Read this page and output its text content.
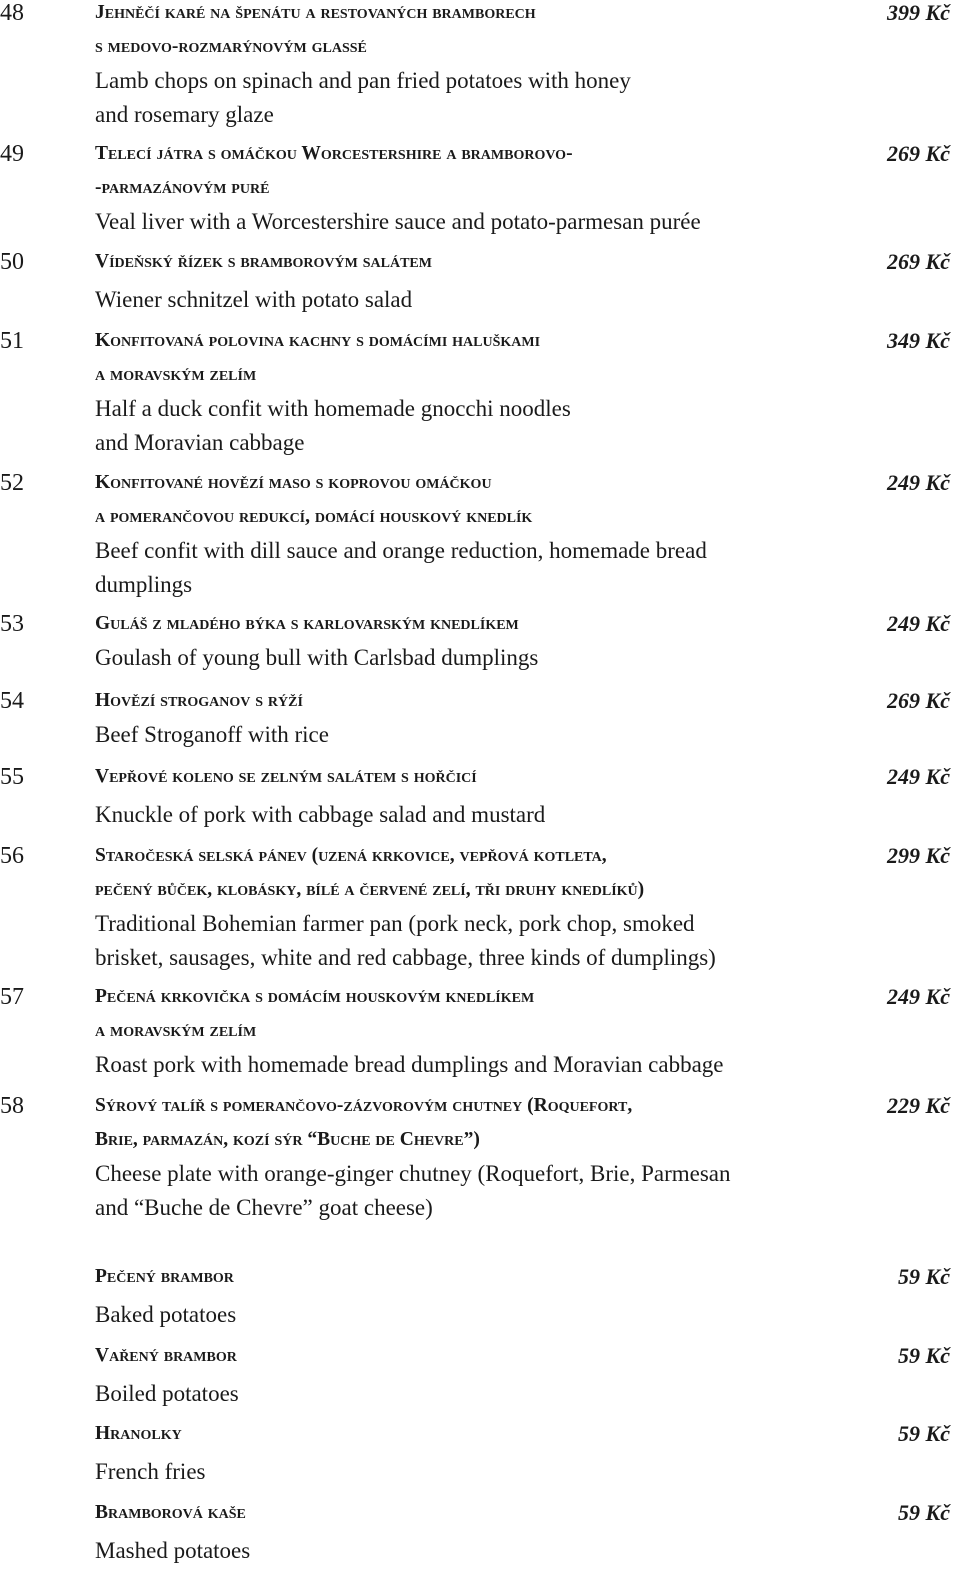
48	Jehněčí karé na špenátu a restovaných bramborech
s medovo-rozmarýnovým glassé
Lamb chops on spinach and pan fried potatoes with honey
and rosemary glaze
399 Kč
49	Telecí játra s omáčkou Worcestershire a bramborovo-
-parmazánovým puré
Veal liver with a Worcestershire sauce and potato-parmesan purée
269 Kč
50	Vídeňský řízek s bramborovým salátem
Wiener schnitzel with potato salad
269 Kč
51	Konfitovaná polovina kachny s domácími haluškami
a moravským zelím
Half a duck confit with homemade gnocchi noodles
and Moravian cabbage
349 Kč
52	Konfitované hovězí maso s koprovou omáčkou
a pomerančovou redukcí, domácí houskový knedlík
Beef confit with dill sauce and orange reduction, homemade bread
dumplings
249 Kč
53	Guláš z mladého býka s karlovarským knedlíkem
Goulash of young bull with Carlsbad dumplings
249 Kč
54	Hovězí stroganov s rýží
Beef Stroganoff with rice
269 Kč
55	Vepřové koleno se zelným salátem s hořčicí
Knuckle of pork with cabbage salad and mustard
249 Kč
56	Staročeská selská pánev (uzená krkovice, vepřová kotleta,
pečený bůček, klobásky, bílé a červené zelí, tři druhy knedlíků)
Traditional Bohemian farmer pan (pork neck, pork chop, smoked
brisket, sausages, white and red cabbage, three kinds of dumplings)
299 Kč
57	Pečená krkovička s domácím houskovým knedlíkem
a moravským zelím
Roast pork with homemade bread dumplings and Moravian cabbage
249 Kč
58	Sýrový talíř s pomerančovo-zázvorovým chutney (Roquefort,
Brie, parmazán, kozí sýr “Buche de Chevre”)
Cheese plate with orange-ginger chutney (Roquefort, Brie, Parmesan
and “Buche de Chevre” goat cheese)
229 Kč
Pečený brambor
Baked potatoes
59 Kč
Vařený brambor
Boiled potatoes
59 Kč
Hranolky
French fries
59 Kč
Bramborová kaše
Mashed potatoes
59 Kč
